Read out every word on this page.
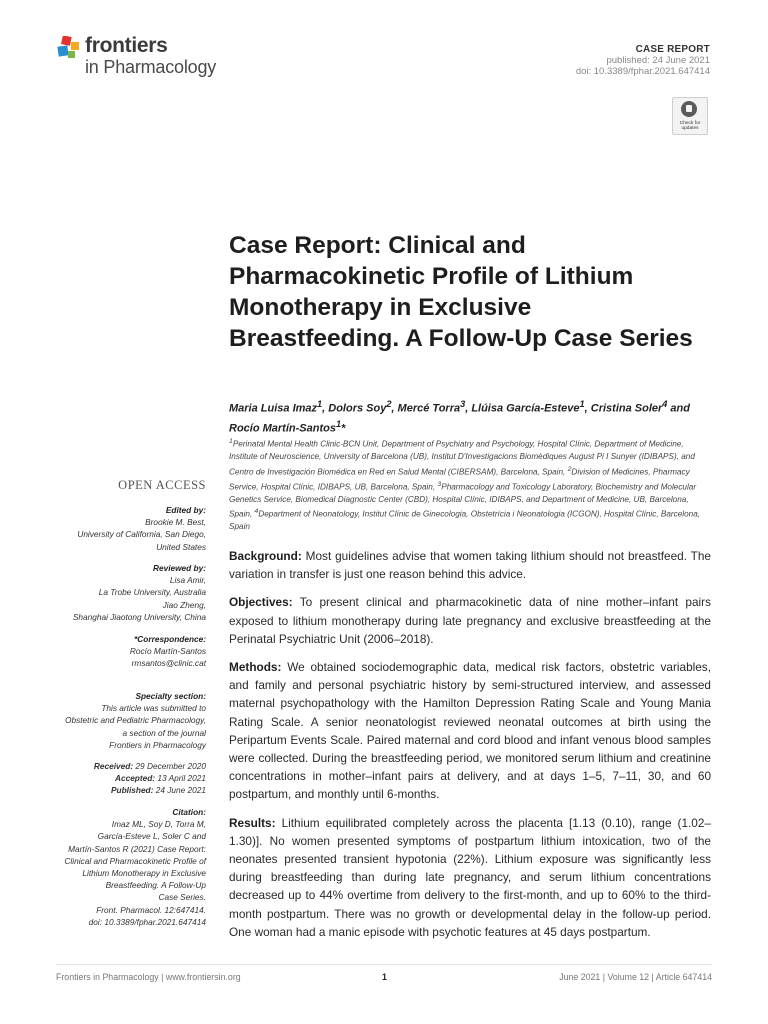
frontiers
in Pharmacology
CASE REPORT
published: 24 June 2021
doi: 10.3389/fphar.2021.647414
Check for
updates
Case Report: Clinical and Pharmacokinetic Profile of Lithium Monotherapy in Exclusive Breastfeeding. A Follow-Up Case Series
Maria Luisa Imaz$^1$, Dolors Soy$^2$, Mercé Torra$^3$, Llúisa García-Esteve$^1$, Cristina Soler$^4$ and Rocío Martín-Santos$^1$*
$^1$Perinatal Mental Health Clinic-BCN Unit, Department of Psychiatry and Psychology, Hospital Clínic, Department of Medicine, Institute of Neuroscience, University of Barcelona (UB), Institut D'Investigacions Biomèdiques August Pi I Sunyer (IDIBAPS), and Centro de Investigación Biomédica en Red en Salud Mental (CIBERSAM), Barcelona, Spain, $^2$Division of Medicines, Pharmacy Service, Hospital Clínic, IDIBAPS, UB, Barcelona, Spain, $^3$Pharmacology and Toxicology Laboratory, Biochemistry and Molecular Genetics Service, Biomedical Diagnostic Center (CBD), Hospital Clínic, IDIBAPS, and Department of Medicine, UB, Barcelona, Spain, $^4$Department of Neonatology, Institut Clínic de Ginecologia, Obstetrícia i Neonatologia (ICGON), Hospital Clínic, Barcelona, Spain
OPEN ACCESS
Edited by:
Brookie M. Best,
University of California, San Diego,
United States
Reviewed by:
Lisa Amir,
La Trobe University, Australia
Jiao Zheng,
Shanghai Jiaotong University, China
*Correspondence:
Rocío Martín-Santos
rmsantos@clinic.cat
Specialty section:
This article was submitted to
Obstetric and Pediatric Pharmacology,
a section of the journal
Frontiers in Pharmacology
Received: 29 December 2020
Accepted: 13 April 2021
Published: 24 June 2021
Citation:
Imaz ML, Soy D, Torra M,
García-Esteve L, Soler C and
Martín-Santos R (2021) Case Report:
Clinical and Pharmacokinetic Profile of
Lithium Monotherapy in Exclusive
Breastfeeding. A Follow-Up
Case Series.
Front. Pharmacol. 12:647414.
doi: 10.3389/fphar.2021.647414

Background: Most guidelines advise that women taking lithium should not breastfeed. The variation in transfer is just one reason behind this advice.

Objectives: To present clinical and pharmacokinetic data of nine mother–infant pairs exposed to lithium monotherapy during late pregnancy and exclusive breastfeeding at the Perinatal Psychiatric Unit (2006–2018).

Methods: We obtained sociodemographic data, medical risk factors, obstetric variables, and family and personal psychiatric history by semi-structured interview, and assessed maternal psychopathology with the Hamilton Depression Rating Scale and Young Mania Rating Scale. A senior neonatologist reviewed neonatal outcomes at birth using the Peripartum Events Scale. Paired maternal and cord blood and infant venous blood samples were collected. During the breastfeeding period, we monitored serum lithium and creatinine concentrations in mother–infant pairs at delivery, and at days 1–5, 7–11, 30, and 60 postpartum, and monthly until 6-months.

Results: Lithium equilibrated completely across the placenta [1.13 (0.10), range (1.02–1.30)]. No women presented symptoms of postpartum lithium intoxication, two of the neonates presented transient hypotonia (22%). Lithium exposure was significantly less during breastfeeding than during late pregnancy, and serum lithium concentrations decreased up to 44% overtime from delivery to the first-month, and up to 60% to the third-month postpartum. There was no growth or developmental delay in the follow-up period. One woman had a manic episode with psychotic features at 45 days postpartum.

Frontiers in Pharmacology | www.frontiersin.org	1	June 2021 | Volume 12 | Article 647414
